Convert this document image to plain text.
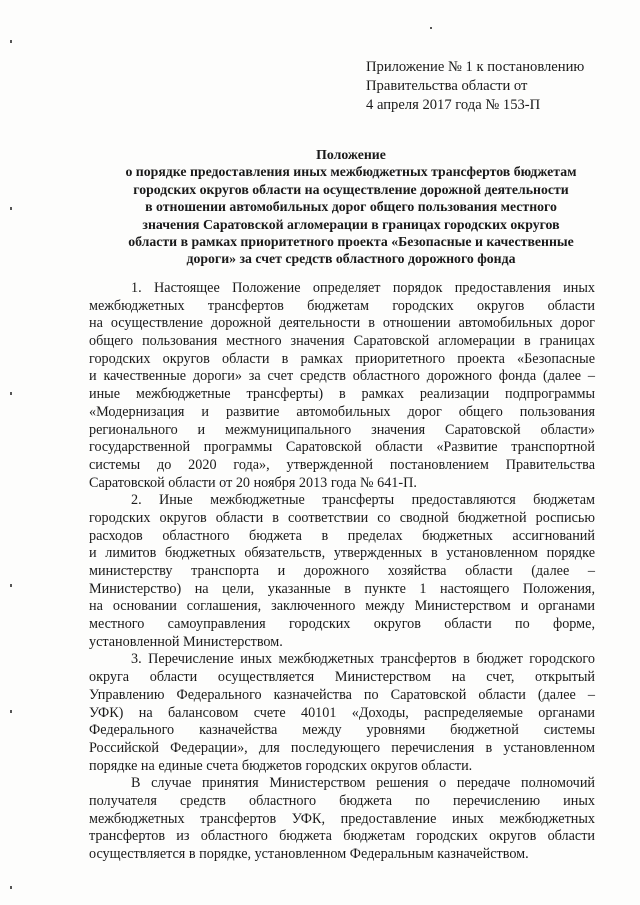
Приложение № 1 к постановлению
Правительства области от
4 апреля 2017 года № 153-П
Положение
о порядке предоставления иных межбюджетных трансфертов бюджетам
городских округов области на осуществление дорожной деятельности
в отношении автомобильных дорог общего пользования местного
значения Саратовской агломерации в границах городских округов
области в рамках приоритетного проекта «Безопасные и качественные
дороги» за счет средств областного дорожного фонда
1. Настоящее Положение определяет порядок предоставления иных
межбюджетных трансфертов бюджетам городских округов области
на осуществление дорожной деятельности в отношении автомобильных дорог
общего пользования местного значения Саратовской агломерации в границах
городских округов области в рамках приоритетного проекта «Безопасные
и качественные дороги» за счет средств областного дорожного фонда (далее –
иные межбюджетные трансферты) в рамках реализации подпрограммы
«Модернизация и развитие автомобильных дорог общего пользования
регионального и межмуниципального значения Саратовской области»
государственной программы Саратовской области «Развитие транспортной
системы до 2020 года», утвержденной постановлением Правительства
Саратовской области от 20 ноября 2013 года № 641-П.
2. Иные межбюджетные трансферты предоставляются бюджетам
городских округов области в соответствии со сводной бюджетной росписью
расходов областного бюджета в пределах бюджетных ассигнований
и лимитов бюджетных обязательств, утвержденных в установленном порядке
министерству транспорта и дорожного хозяйства области (далее –
Министерство) на цели, указанные в пункте 1 настоящего Положения,
на основании соглашения, заключенного между Министерством и органами
местного самоуправления городских округов области по форме,
установленной Министерством.
3. Перечисление иных межбюджетных трансфертов в бюджет городского
округа области осуществляется Министерством на счет, открытый
Управлению Федерального казначейства по Саратовской области (далее –
УФК) на балансовом счете 40101 «Доходы, распределяемые органами
Федерального казначейства между уровнями бюджетной системы
Российской Федерации», для последующего перечисления в установленном
порядке на единые счета бюджетов городских округов области.
В случае принятия Министерством решения о передаче полномочий
получателя средств областного бюджета по перечислению иных
межбюджетных трансфертов УФК, предоставление иных межбюджетных
трансфертов из областного бюджета бюджетам городских округов области
осуществляется в порядке, установленном Федеральным казначейством.
